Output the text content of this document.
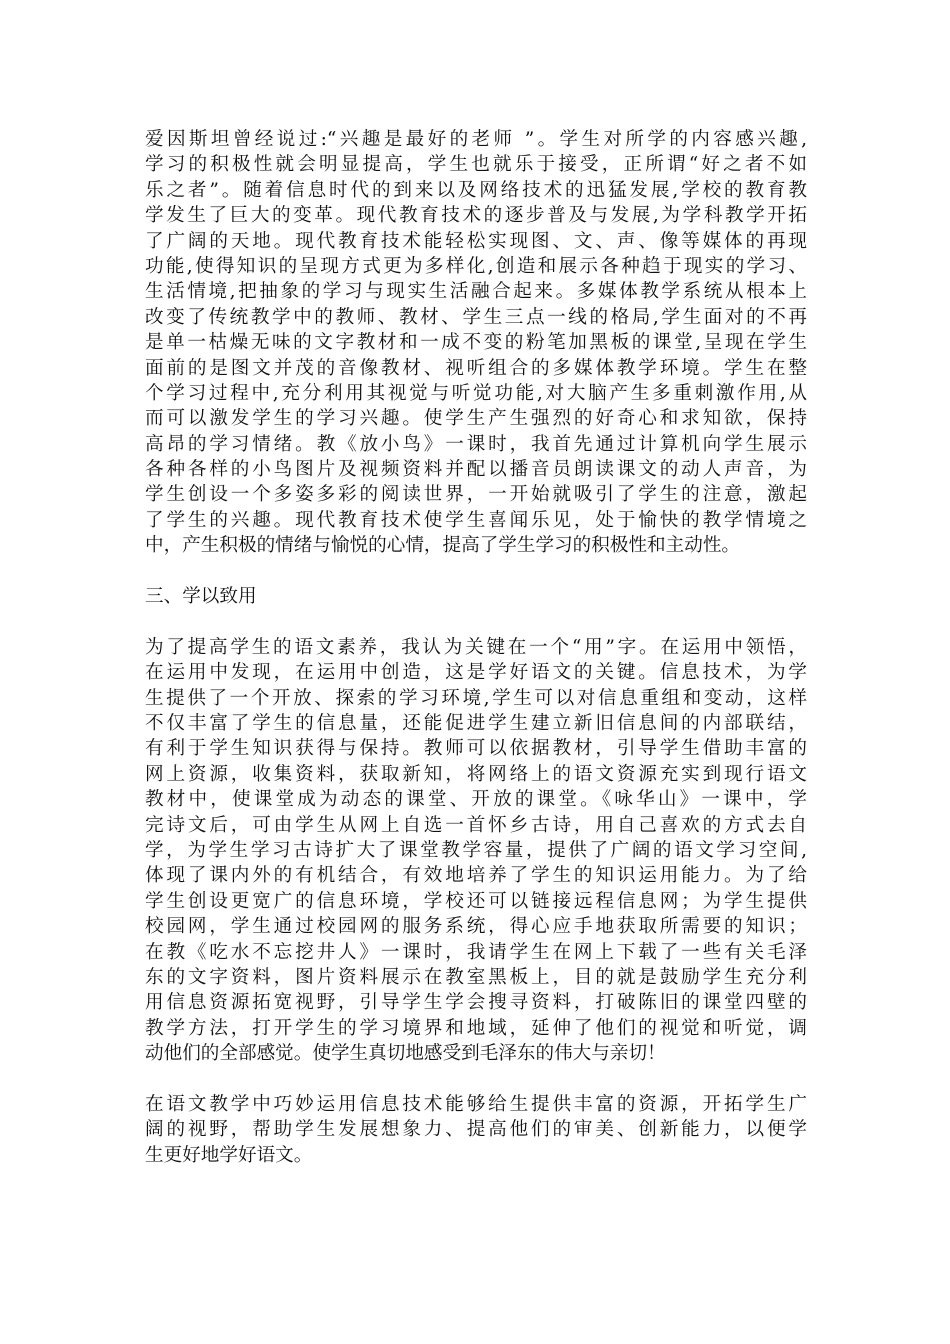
爱因斯坦曾经说过:“兴趣是最好的老师 ”。学生对所学的内容感兴趣,
学习的积极性就会明显提高，学生也就乐于接受，正所谓“好之者不如
乐之者”。随着信息时代的到来以及网络技术的迅猛发展,学校的教育教
学发生了巨大的变革。现代教育技术的逐步普及与发展,为学科教学开拓
了广阔的天地。现代教育技术能轻松实现图、文、声、像等媒体的再现
功能,使得知识的呈现方式更为多样化,创造和展示各种趋于现实的学习、
生活情境,把抽象的学习与现实生活融合起来。多媒体教学系统从根本上
改变了传统教学中的教师、教材、学生三点一线的格局,学生面对的不再
是单一枯燥无味的文字教材和一成不变的粉笔加黑板的课堂,呈现在学生
面前的是图文并茂的音像教材、视听组合的多媒体教学环境。学生在整
个学习过程中,充分利用其视觉与听觉功能,对大脑产生多重刺激作用,从
而可以激发学生的学习兴趣。使学生产生强烈的好奇心和求知欲，保持
高昂的学习情绪。教《放小鸟》一课时，我首先通过计算机向学生展示
各种各样的小鸟图片及视频资料并配以播音员朗读课文的动人声音，为
学生创设一个多姿多彩的阅读世界，一开始就吸引了学生的注意，激起
了学生的兴趣。现代教育技术使学生喜闻乐见，处于愉快的教学情境之
中，产生积极的情绪与愉悦的心情，提高了学生学习的积极性和主动性。
三、学以致用
为了提高学生的语文素养，我认为关键在一个“用”字。在运用中领悟，
在运用中发现，在运用中创造，这是学好语文的关键。信息技术，为学
生提供了一个开放、探索的学习环境,学生可以对信息重组和变动，这样
不仅丰富了学生的信息量，还能促进学生建立新旧信息间的内部联结，
有利于学生知识获得与保持。教师可以依据教材，引导学生借助丰富的
网上资源，收集资料，获取新知，将网络上的语文资源充实到现行语文
教材中，使课堂成为动态的课堂、开放的课堂。《咏华山》一课中，学
完诗文后，可由学生从网上自选一首怀乡古诗，用自己喜欢的方式去自
学，为学生学习古诗扩大了课堂教学容量，提供了广阔的语文学习空间,
体现了课内外的有机结合，有效地培养了学生的知识运用能力。为了给
学生创设更宽广的信息环境，学校还可以链接远程信息网；为学生提供
校园网，学生通过校园网的服务系统，得心应手地获取所需要的知识；
在教《吃水不忘挖井人》一课时，我请学生在网上下载了一些有关毛泽
东的文字资料，图片资料展示在教室黑板上，目的就是鼓励学生充分利
用信息资源拓宽视野，引导学生学会搜寻资料，打破陈旧的课堂四壁的
教学方法，打开学生的学习境界和地域，延伸了他们的视觉和听觉，调
动他们的全部感觉。使学生真切地感受到毛泽东的伟大与亲切！
在语文教学中巧妙运用信息技术能够给生提供丰富的资源，开拓学生广
阔的视野，帮助学生发展想象力、提高他们的审美、创新能力，以便学
生更好地学好语文。
